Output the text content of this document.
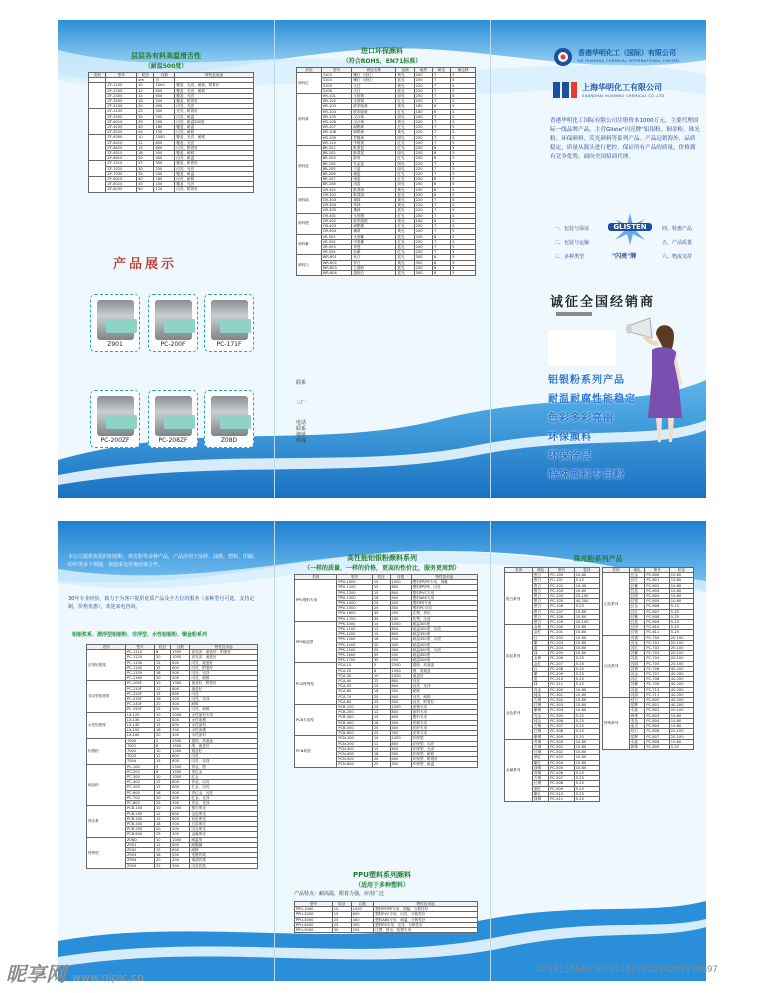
层层各有料高温滑舌性
（耐温500度）
类别	型号	粒径	目数	特性及用途
		um	目	
	ZF-2100	10	1000	覆盖、光亮、耐候、附着好
	ZF-2200	12	800	覆盖、光亮、耐候
	ZF-2300	15	600	覆盖、光亮
	ZF-3500	18	500	覆盖、附着好
	ZF-5100	20	400	闪亮、光亮
	ZF-5130	25	300	光亮、附着好
	ZF-5500	30	250	闪亮、耐温
	ZF-6010	35	200	闪亮、耐温500度
	ZF-6100	40	180	覆盖、耐温
	ZF-6200	45	150	闪亮、耐候
	ZF-6300	10	1000	覆盖、光亮、耐候
	ZF-6410	12	800	覆盖、光亮
	ZF-6420	15	600	闪亮、附着好
	ZF-6510	18	500	覆盖、耐候
	ZF-6610	20	400	闪亮、耐温
	ZF-7010	25	300	覆盖、附着好
	ZF-7020	30	250	闪亮、光亮
	ZF-7030	35	200	覆盖、耐温
	ZF-8010	40	180	闪亮、耐候
	ZF-8020	45	150	覆盖、光亮
	ZF-8030	50	120	闪亮、附着好
产品展示
Z901	PC-200F	PC-171F
PC-200ZF	PC-208ZF	Z08D
进口环保颜料
（符合ROHS，EN71标准）
类别	型号	颜色名称	色调	耐热	耐光	耐迁移
颜料红	3103	嫩红（浅红）	黄光	200	7	5
	3104	嫩红（深红）	蓝光	200	7	5
	3105	大红	黄光	220	7	5
	3106	大红	蓝光	220	7	5
颜料黄	HR-101	永固黄	绿光	200	7	5
	HR-102	永固黄	红光	200	7	5
	HR-103	联苯胺黄	黄光	180	6	5
	HR-104	联苯胺黄	红光	180	6	5
	HR-105	汉沙黄	绿光	200	7	5
	HR-106	汉沙黄	黄光	200	7	5
	HR-107	耐晒黄	红光	220	7	5
	HR-108	耐晒黄	黄光	220	7	5
	HR-109	柠檬黄	绿光	200	7	5
	HR-110	中铬黄	红光	200	7	5
颜料蓝	BR-201	酞菁蓝	红光	250	8	5
	BR-202	酞菁蓝	绿光	250	8	5
	BR-203	群青	红光	250	8	5
	BR-204	孔雀蓝	绿光	220	7	5
	BR-205	天蓝	绿光	220	7	5
	BR-206	湖蓝	红光	220	7	5
	BR-207	深蓝	红光	250	8	5
	BR-208	浅蓝	绿光	250	8	5
颜料绿	GR-301	酞菁绿	黄光	250	8	5
	GR-302	酞菁绿	蓝光	250	8	5
	GR-303	翠绿	黄光	220	7	5
	GR-304	草绿	黄光	220	7	5
	GR-305	墨绿	蓝光	220	7	5
颜料橙	OR-401	永固橙	红光	200	7	5
	OR-402	联苯胺橙	黄光	180	6	5
	OR-403	耐晒橙	红光	200	7	5
	OR-404	橘黄	黄光	200	7	5
颜料紫	VR-501	永固紫	蓝光	250	8	5
	VR-502	甲基紫	红光	200	7	5
	VR-503	青莲	蓝光	200	7	5
	VR-504	品紫	红光	200	7	5
颜料白	WR-601	钛白	蓝光	300	8	5
	WR-602	锌白	黄光	300	8	5
	WR-603	立德粉	蓝光	250	8	5
	WR-604	超细白	蓝光	300	8	5
联系
三厂
电话
联系
地址
传真
香港华明化工（国际）有限公司
HK HUAMING CHEMICAL INTERNATIONAL LIMITED
上海华明化工有限公司
SHANGHAI HUAMING CHEMICAL CO.,LTD
香港华明化工国际有限公司注册资本1000万元，主要代理国际一线品牌产品，主营Gliste"闪亮牌"铝银粉、铜金粉、珠光粉、环保颜料、荧光颜料等系列产品。产品远销海外，品质稳定，质量从源头进行把控，保证所有产品的质量，价格拥有竞争优势，面向全国招商代理。
一、包装与保证
二、包装与运输
三、多种类型
四、特惠产品
五、产品质量
六、物流支持
GLISTEN
"闪亮"牌
诚征全国经销商
铝银粉系列产品
耐温耐腐性能稳定
色彩多彩亮丽
环保颜料
环保涂层
特殊颜料专用粉
本公司提供优质的铝银粉、珠光粉等多种产品，产品应用于涂料、油墨、塑料、印刷、纺织等多个领域，欢迎来电咨询洽谈合作。
30年专业经验，致力于为客户提供优质产品及全方位的服务（多种型号可选，支持定制，价格优惠），欢迎来电咨询。
铝银浆系、漂浮型铝银粉、非浮型、水性铝银粉、铜金粉系列
类别	型号	粒径	目数	特性及用途
浮型铝银浆	PC-1110	8	1500	高光泽、遮盖好、附着好
	PC-1120	10	1000	高光泽、遮盖好
	PC-1130	12	800	闪亮、遮盖好
	PC-1140	15	600	闪亮、附着好
	PC-1150	18	500	闪亮、光泽
	PC-1160	20	400	闪亮、耐候
非浮型铝银浆	PC-200F	10	1000	遮盖好、附着好
	PC-210F	12	800	遮盖好
	PC-220F	15	600	闪亮
	PC-230F	18	500	闪亮、光泽
	PC-240F	20	400	耐候
	PC-250F	25	300	闪亮、耐候
水性铝银浆	LX-120	10	1000	水性涂料专用
	LX-130	12	800	水性油墨
	LX-140	15	600	水性涂料
	LX-150	18	500	水性油墨
	LX-160	20	400	水性涂料
铝银粉	7000	5	2500	超细、高遮盖
	7001	8	1500	细、遮盖好
	7002	10	1000	遮盖好
	7003	12	800	闪亮
	7004	15	600	闪亮、光泽
铜金粉	PC-100	5	2500	青金、细
	PC-200	8	1500	青红金
	PC-300	10	1000	红金
	PC-400	12	800	青金、闪亮
	PC-500	15	600	红金、闪亮
	PC-600	18	500	青红金、闪亮
	PC-700	20	400	红金、光泽
	PC-800	25	300	青金、光泽
珠光系	PCB-100	10	1000	银白珠光
	PCB-200	12	800	金色珠光
	PCB-300	15	600	彩色珠光
	PCB-400	18	500	幻彩珠光
	PCB-500	20	400	闪光珠光
	PCB-600	25	300	金属珠光
特殊型	Z08D	10	1000	耐温型
	Z901	12	800	耐酸碱
	Z902	15	600	耐候
	Z903	18	500	电镀效果
	Z904	20	400	镜面效果
	Z905	25	300	闪亮效果
高性能铝银粉颜料系列
（一样的质量，一样的价格，更高的性价比，服务更周到）
类别	型号	粒径	目数	特性及用途
PPU塑料专用	PPU-1000	10	1000	塑料PP/PE专用、细腻
	PPU-1100	12	800	塑料PP/PE、闪亮
	PPU-1200	15	600	塑料PVC专用
	PPU-1300	18	500	塑料ABS专用
	PPU-1400	20	400	塑料PS专用
	PPU-1500	25	300	塑料PC专用
	PPU-1600	30	250	注塑、挤出
	PPU-1700	35	200	吹塑、压延
PPS耐温型	PPS-1000	10	1000	耐温300度
	PPS-1100	12	800	耐温300度、闪亮
	PPS-1200	15	600	耐温350度
	PPS-1300	18	500	耐温350度、闪亮
	PPS-1400	20	400	耐温400度
	PPS-1500	25	300	耐温400度、闪亮
	PPS-1600	30	250	耐温450度
	PPS-1700	35	200	耐温500度
PCA特殊型	PCA-10	5	2500	超细、高遮盖
	PCA-20	8	1500	细、高遮盖
	PCA-30	10	1000	遮盖好
	PCA-40	12	800	闪亮
	PCA-50	15	600	闪亮、光泽
	PCA-60	18	500	耐候
	PCA-70	20	400	闪亮、耐候
	PCA-80	25	300	闪亮、附着好
PCB专用型	PCB-100	10	1000	油墨专用
	PCB-200	12	800	涂料专用
	PCB-300	15	600	塑料专用
	PCB-400	18	500	印刷专用
	PCB-500	20	400	纺织专用
	PCB-600	25	300	皮革专用
PCN新型	PCN-100	10	1000	环保型
	PCN-200	12	800	环保型、闪亮
	PCN-300	15	600	环保型、光泽
	PCN-400	18	500	环保型、耐候
	PCN-500	20	400	环保型、附着好
	PCN-600	25	300	环保型、耐温
PPU塑料系列颜料
（适用于多种塑料）
产品特点：耐高温，附着力强，应用广泛
型号	粒径	目数	特性及用途
PPU-1000	10	1000	塑料PP/PE专用、细腻、分散性好
PPU-2000	15	600	塑料PVC专用、闪亮、分散性好
PPU-3000	20	400	塑料ABS专用、耐温、分散性好
PPU-4000	25	300	塑料PS专用、光泽、分散性好
PPU-5000	30	250	注塑、挤出、吹塑专用
珠光粉系列产品
类别	颜色	型号	粒径
银白系列	银白	PC-100	10-60
	银白	PC-101	5-25
	银白	PC-102	10-40
	银白	PC-103	10-60
	银白	PC-104	20-100
	银白	PC-105	40-200
	银白	PC-106	5-25
	银白	PC-107	10-60
	银白	PC-108	10-60
	银白	PC-109	20-100
彩虹系列	金黄	PC-200	10-60
	金红	PC-201	10-60
	红	PC-202	10-60
	紫	PC-203	10-60
	蓝	PC-204	10-60
	绿	PC-205	10-60
	金黄	PC-206	5-25
	金红	PC-207	5-25
	红	PC-208	5-25
	紫	PC-209	5-25
	蓝	PC-210	5-25
	绿	PC-211	5-25
金色系列	亮金	PC-300	10-60
	纯金	PC-301	10-60
	古铜	PC-302	10-60
	红铜	PC-303	10-60
	紫铜	PC-304	10-60
	亮金	PC-305	5-25
	纯金	PC-306	5-25
	古铜	PC-307	5-25
	红铜	PC-308	5-25
	紫铜	PC-309	5-25
金属系列	青铜	PC-500	10-60
	古铜	PC-501	10-60
	红铜	PC-502	10-60
	酒红	PC-503	10-60
	紫红	PC-504	10-60
	绿铜	PC-505	10-60
	青铜	PC-506	5-25
	古铜	PC-507	5-25
	红铜	PC-508	5-25
	酒红	PC-509	5-25
	紫红	PC-510	5-25
	绿铜	PC-511	5-25
类别	颜色	型号	粒径
幻彩系列	幻金	PC-600	10-60
	幻红	PC-601	10-60
	幻紫	PC-602	10-60
	幻蓝	PC-603	10-60
	幻绿	PC-604	10-60
	幻银	PC-605	10-60
	幻金	PC-606	5-25
	幻红	PC-607	5-25
	幻紫	PC-608	5-25
	幻蓝	PC-609	5-25
	幻绿	PC-610	5-25
	幻银	PC-611	5-25
闪光系列	闪银	PC-700	20-100
	闪金	PC-701	20-100
	闪红	PC-702	20-100
	闪紫	PC-703	20-100
	闪蓝	PC-704	20-100
	闪绿	PC-705	20-100
	闪银	PC-706	40-200
	闪金	PC-707	40-200
	闪红	PC-708	40-200
	闪紫	PC-709	40-200
	闪蓝	PC-710	40-200
	闪绿	PC-711	40-200
特殊系列	钻石	PC-800	40-200
	星辉	PC-801	40-200
	水晶	PC-802	20-100
	珍珠	PC-803	10-60
	变色	PC-804	10-60
	夜光	PC-805	10-60
	钻石	PC-806	20-100
	星辉	PC-807	20-100
	水晶	PC-808	10-60
	珍珠	PC-809	5-25
昵享网 www.nipic.cn
ID:11155640 NO:20160702224207239697
